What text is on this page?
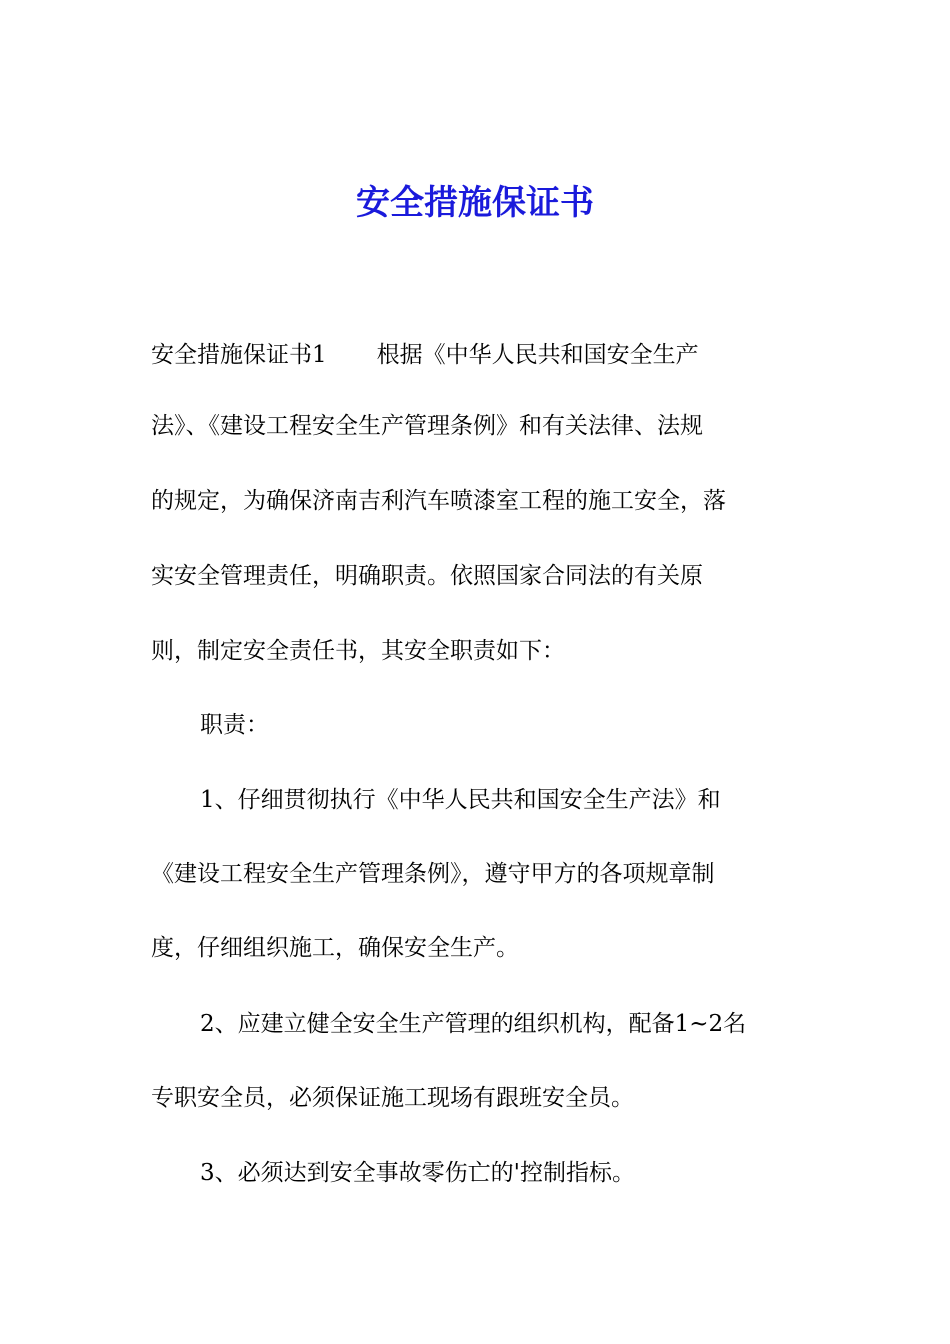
安全措施保证书

安全措施保证书1 根据《中华人民共和国安全生产

法》、《建设工程安全生产管理条例》和有关法律、法规

的规定，为确保济南吉利汽车喷漆室工程的施工安全，落

实安全管理责任，明确职责。依照国家合同法的有关原

则，制定安全责任书，其安全职责如下：

职责：

1、仔细贯彻执行《中华人民共和国安全生产法》和

《建设工程安全生产管理条例》，遵守甲方的各项规章制

度，仔细组织施工，确保安全生产。

2、应建立健全安全生产管理的组织机构，配备1~2名

专职安全员，必须保证施工现场有跟班安全员。

3、必须达到安全事故零伤亡的'控制指标。
